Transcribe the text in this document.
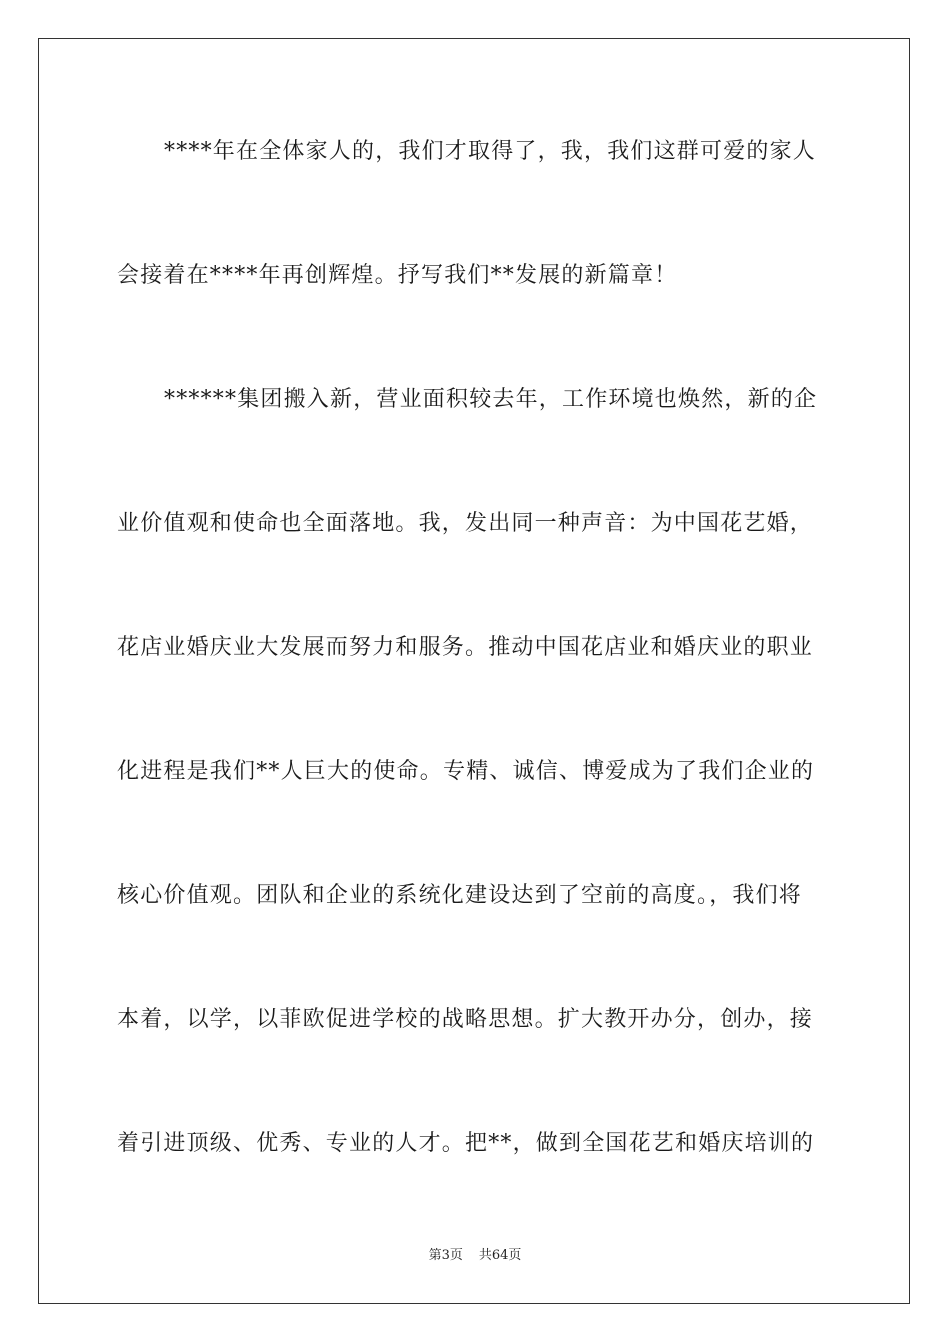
****年在全体家人的，我们才取得了，我，我们这群可爱的家人
会接着在****年再创辉煌。抒写我们**发展的新篇章！
******集团搬入新，营业面积较去年，工作环境也焕然，新的企
业价值观和使命也全面落地。我，发出同一种声音：为中国花艺婚，
花店业婚庆业大发展而努力和服务。推动中国花店业和婚庆业的职业
化进程是我们**人巨大的使命。专精、诚信、博爱成为了我们企业的
核心价值观。团队和企业的系统化建设达到了空前的高度。，我们将
本着，以学，以菲欧促进学校的战略思想。扩大教开办分，创办，接
着引进顶级、优秀、专业的人才。把**，做到全国花艺和婚庆培训的
第3页 共64页
